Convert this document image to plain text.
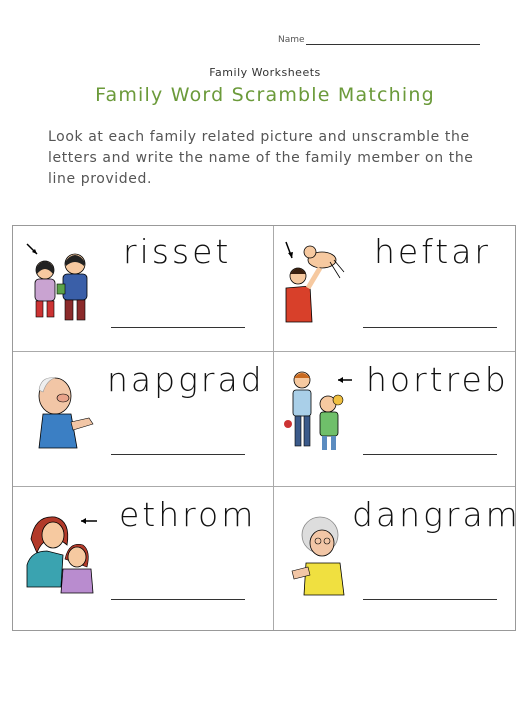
Name
Family Worksheets
Family Word Scramble Matching
Look at each family related picture and unscramble the letters and write the name of the family member on the line provided.
risset	heftar
napgrad	hortreb
ethrom	dangram
